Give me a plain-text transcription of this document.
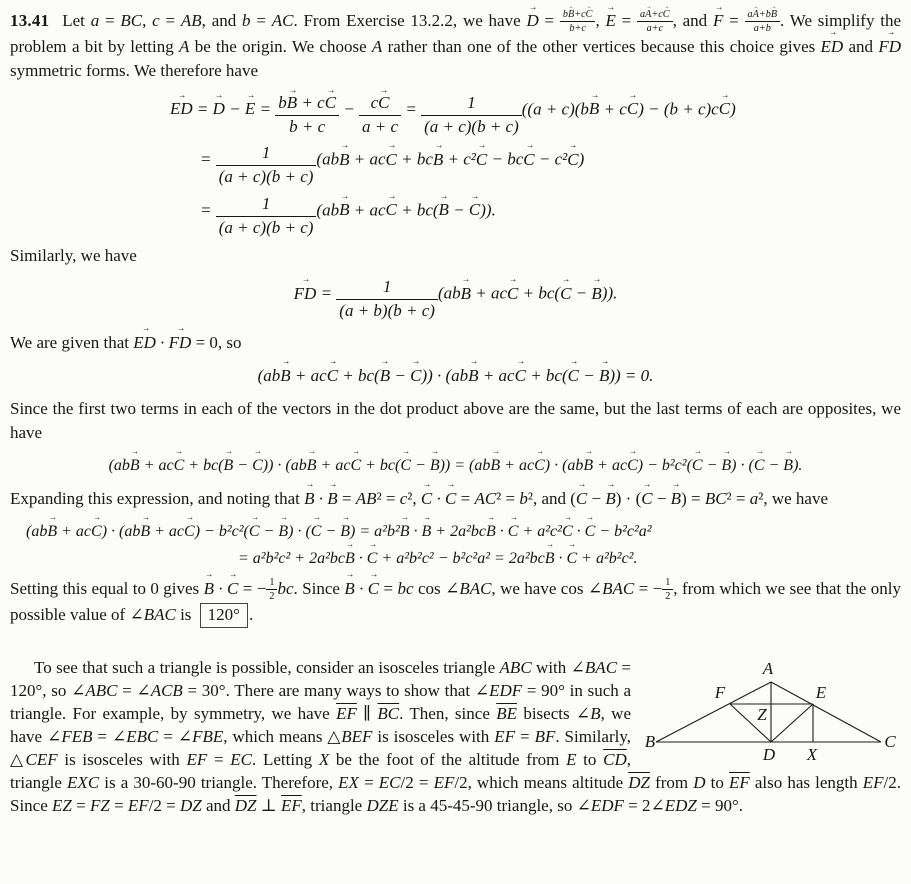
13.41 Let a = BC, c = AB, and b = AC. From Exercise 13.2.2, we have → $D = \frac{b\to B+c\to C}{b+c}$ , → $E = \frac{a\to A+c\to C}{a+c}$ , and → $F = \frac{a\to A+b\to B}{a+b}$ . We simplify the problem a bit by letting A be the origin. We choose A rather than one of the other vertices because this choice gives → ED and → FD symmetric forms. We therefore have

→ ED = → D − → $E = \frac{b\to B + c\to C}{b + c} - \frac{c\to C}{a + c} = \frac{1}{(a + c)(b + c)} ((a + c)(b\to B + c\to C) - (b + c)c\to C)$
= $\frac{1}{(a + c)(b + c)} (ab\to B + ac\to C + bc\to B + c^2\to C - bc\to C - c^2\to C)$
= $\frac{1}{(a + c)(b + c)} (ab\to B + ac\to C + bc(\to B$ − → C)).

Similarly, we have

→ FD = $\frac{1}{(a + b)(b + c)} (ab\to B + ac\to C + bc(\to C$ − → B)).

We are given that → ED · → FD = 0, so

(ab→ B + ac→ C + bc(→ B − → C)) · (ab→ B + ac→ C + bc(→ C − → B)) = 0.

Since the first two terms in each of the vectors in the dot product above are the same, but the last terms of each are opposites, we have

(ab→ B + ac→ C + bc(→ B − → C)) · (ab→ B + ac→ C + bc(→ C − → B)) = (ab→ B + ac→ C) · (ab→ B + ac→ C) − b²c²(→ C − → B) · (→ C − → B).

Expanding this expression, and noting that → B · → B = AB² = c², → C · → C = AC² = b², and (→ C − → B) · (→ C − → B) = BC² = a², we have

(ab→ B + ac→ C) · (ab→ B + ac→ C) − b²c²(→ C − → B) · (→ C − → B) = a²b²→ B · → B + 2a²bc→ B · → C + a²c²→ C · → C − b²c²a²
= a²b²c² + 2a²bc→ B · → C + a²b²c² − b²c²a² = 2a²bc→ B · → C + a²b²c².

Setting this equal to 0 gives → B · → C = − $\frac{1}{2}$ bc. Since → B · → C = bc cos ∠BAC, we have cos ∠BAC = − $\frac{1}{2}$ , from which we see that the only possible value of ∠BAC is 120° .

A
B	C
D
E
F
X
Z
To see that such a triangle is possible, consider an isosceles triangle ABC with ∠BAC = 120°, so ∠ABC = ∠ACB = 30°. There are many ways to show that ∠EDF = 90° in such a triangle. For example, by symmetry, we have $\overline{EF}$ ∥ $\overline{BC}$. Then, since $\overline{BE}$ bisects ∠B, we have ∠FEB = ∠EBC = ∠FBE, which means △BEF is isosceles with EF = BF. Similarly, △CEF is isosceles with EF = EC. Letting X be the foot of the altitude from E to $\overline{CD}$, triangle EXC is a 30-60-90 triangle. Therefore, EX = EC/2 = EF/2, which means altitude $\overline{DZ}$ from D to $\overline{EF}$ also has length EF/2. Since EZ = FZ = EF/2 = DZ and $\overline{DZ}$ ⊥ $\overline{EF}$, triangle DZE is a 45-45-90 triangle, so ∠EDF = 2∠EDZ = 90°.
